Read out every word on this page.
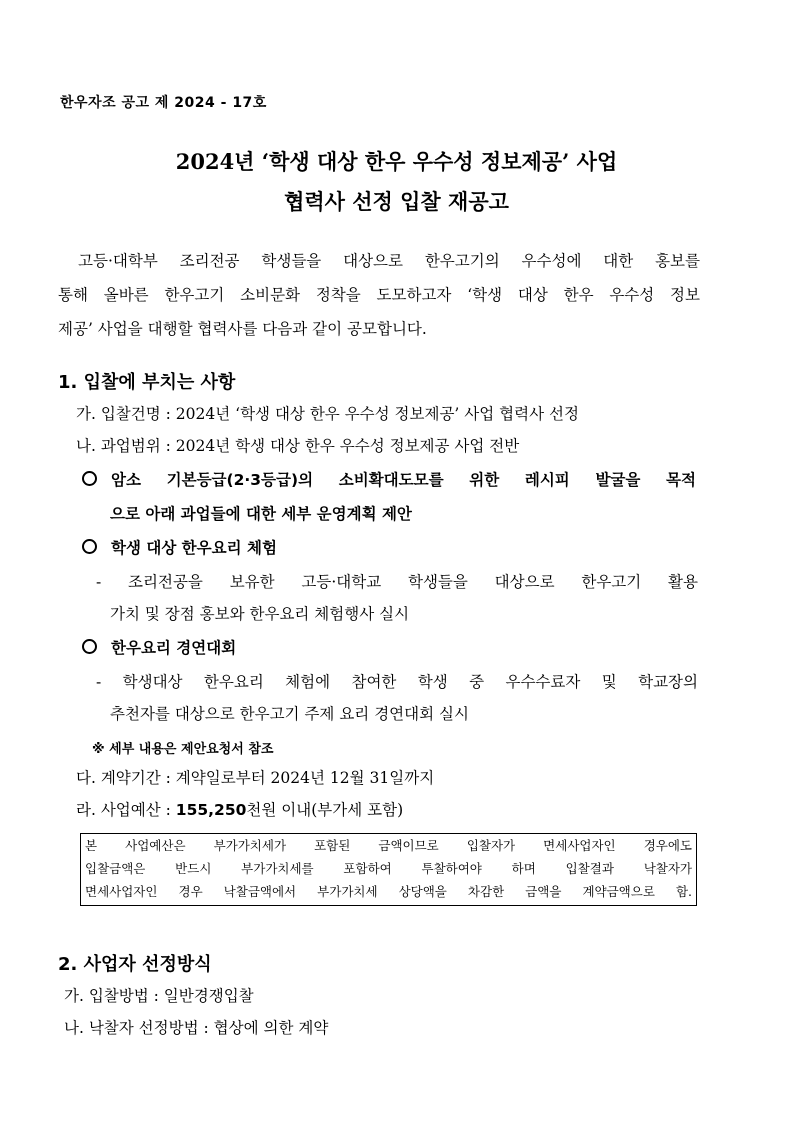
한우자조 공고 제 2024 - 17호
2024년 ‘학생 대상 한우 우수성 정보제공’ 사업
협력사 선정 입찰 재공고
고등·대학부 조리전공 학생들을 대상으로 한우고기의 우수성에 대한 홍보를
통해 올바른 한우고기 소비문화 정착을 도모하고자 ‘학생 대상 한우 우수성 정보
제공’ 사업을 대행할 협력사를 다음과 같이 공모합니다.
1. 입찰에 부치는 사항
가. 입찰건명 : 2024년 ‘학생 대상 한우 우수성 정보제공’ 사업 협력사 선정
나. 과업범위 : 2024년 학생 대상 한우 우수성 정보제공 사업 전반
암소 기본등급(2·3등급)의 소비확대도모를 위한 레시피 발굴을 목적
으로 아래 과업들에 대한 세부 운영계획 제안
학생 대상 한우요리 체험
- 조리전공을 보유한 고등·대학교 학생들을 대상으로 한우고기 활용
가치 및 장점 홍보와 한우요리 체험행사 실시
한우요리 경연대회
- 학생대상 한우요리 체험에 참여한 학생 중 우수수료자 및 학교장의
추천자를 대상으로 한우고기 주제 요리 경연대회 실시
※ 세부 내용은 제안요청서 참조
다. 계약기간 : 계약일로부터 2024년 12월 31일까지
라. 사업예산 : 155,250천원 이내(부가세 포함)
본 사업예산은 부가가치세가 포함된 금액이므로 입찰자가 면세사업자인 경우에도
입찰금액은 반드시 부가가치세를 포함하여 투찰하여야 하며 입찰결과 낙찰자가
면세사업자인 경우 낙찰금액에서 부가가치세 상당액을 차감한 금액을 계약금액으로 함.
2. 사업자 선정방식
가. 입찰방법 : 일반경쟁입찰
나. 낙찰자 선정방법 : 협상에 의한 계약
